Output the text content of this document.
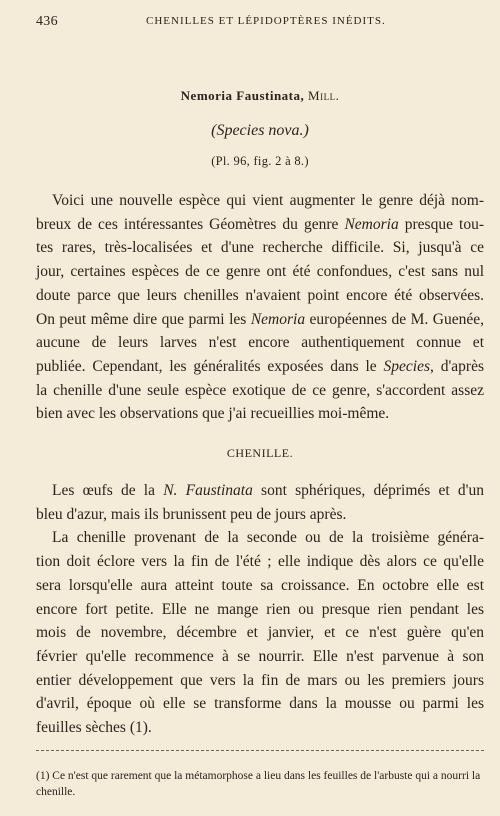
436	CHENILLES ET LÉPIDOPTÈRES INÉDITS.
Nemoria Faustinata, Mill.
(Species nova.)
(Pl. 96, fig. 2 à 8.)
Voici une nouvelle espèce qui vient augmenter le genre déjà nom-
breux de ces intéressantes Géomètres du genre Nemoria presque tou-
tes rares, très-localisées et d'une recherche difficile. Si, jusqu'à ce
jour, certaines espèces de ce genre ont été confondues, c'est sans nul
doute parce que leurs chenilles n'avaient point encore été observées.
On peut même dire que parmi les Nemoria européennes de M. Guenée,
aucune de leurs larves n'est encore authentiquement connue et
publiée. Cependant, les généralités exposées dans le Species, d'après
la chenille d'une seule espèce exotique de ce genre, s'accordent assez
bien avec les observations que j'ai recueillies moi-même.
CHENILLE.
Les œufs de la N. Faustinata sont sphériques, déprimés et d'un
bleu d'azur, mais ils brunissent peu de jours après.
La chenille provenant de la seconde ou de la troisième généra-
tion doit éclore vers la fin de l'été ; elle indique dès alors ce qu'elle
sera lorsqu'elle aura atteint toute sa croissance. En octobre elle est
encore fort petite. Elle ne mange rien ou presque rien pendant les
mois de novembre, décembre et janvier, et ce n'est guère qu'en
février qu'elle recommence à se nourrir. Elle n'est parvenue à son
entier développement que vers la fin de mars ou les premiers jours
d'avril, époque où elle se transforme dans la mousse ou parmi les
feuilles sèches (1).
(1) Ce n'est que rarement que la métamorphose a lieu dans les feuilles de l'arbuste qui a nourri la chenille.
